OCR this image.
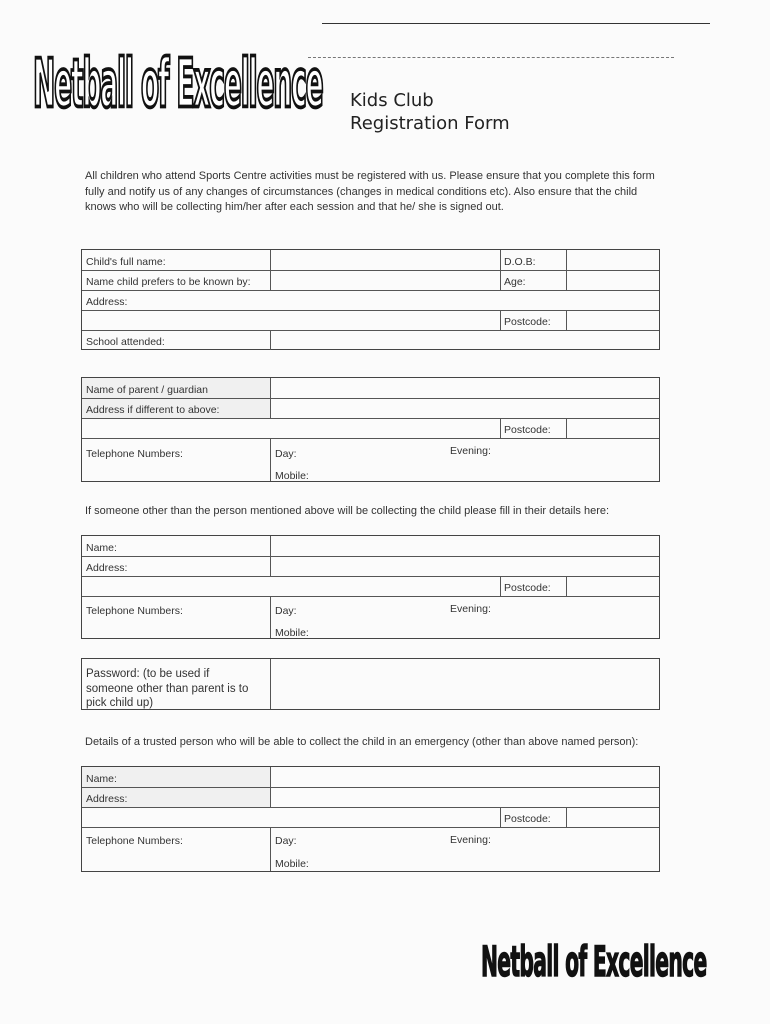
Netball of Excellence Kids Club
Registration Form
All children who attend Sports Centre activities must be registered with us. Please ensure that you complete this form fully and notify us of any changes of circumstances (changes in medical conditions etc). Also ensure that the child knows who will be collecting him/her after each session and that he/ she is signed out.
Child's full name:	D.O.B:
Name child prefers to be known by:	Age:
Address:
Postcode:
School attended:
Name of parent / guardian
Address if different to above:
Postcode:
Telephone Numbers:	Day:	Evening:
Mobile:
If someone other than the person mentioned above will be collecting the child please fill in their details here:
Name:
Address:
Postcode:
Telephone Numbers:	Day:	Evening:
Mobile:
Password: (to be used if
someone other than parent is to
pick child up)
Details of a trusted person who will be able to collect the child in an emergency (other than above named person):
Name:
Address:
Postcode:
Telephone Numbers:	Day:	Evening:
Mobile:
Netball of Excellence
